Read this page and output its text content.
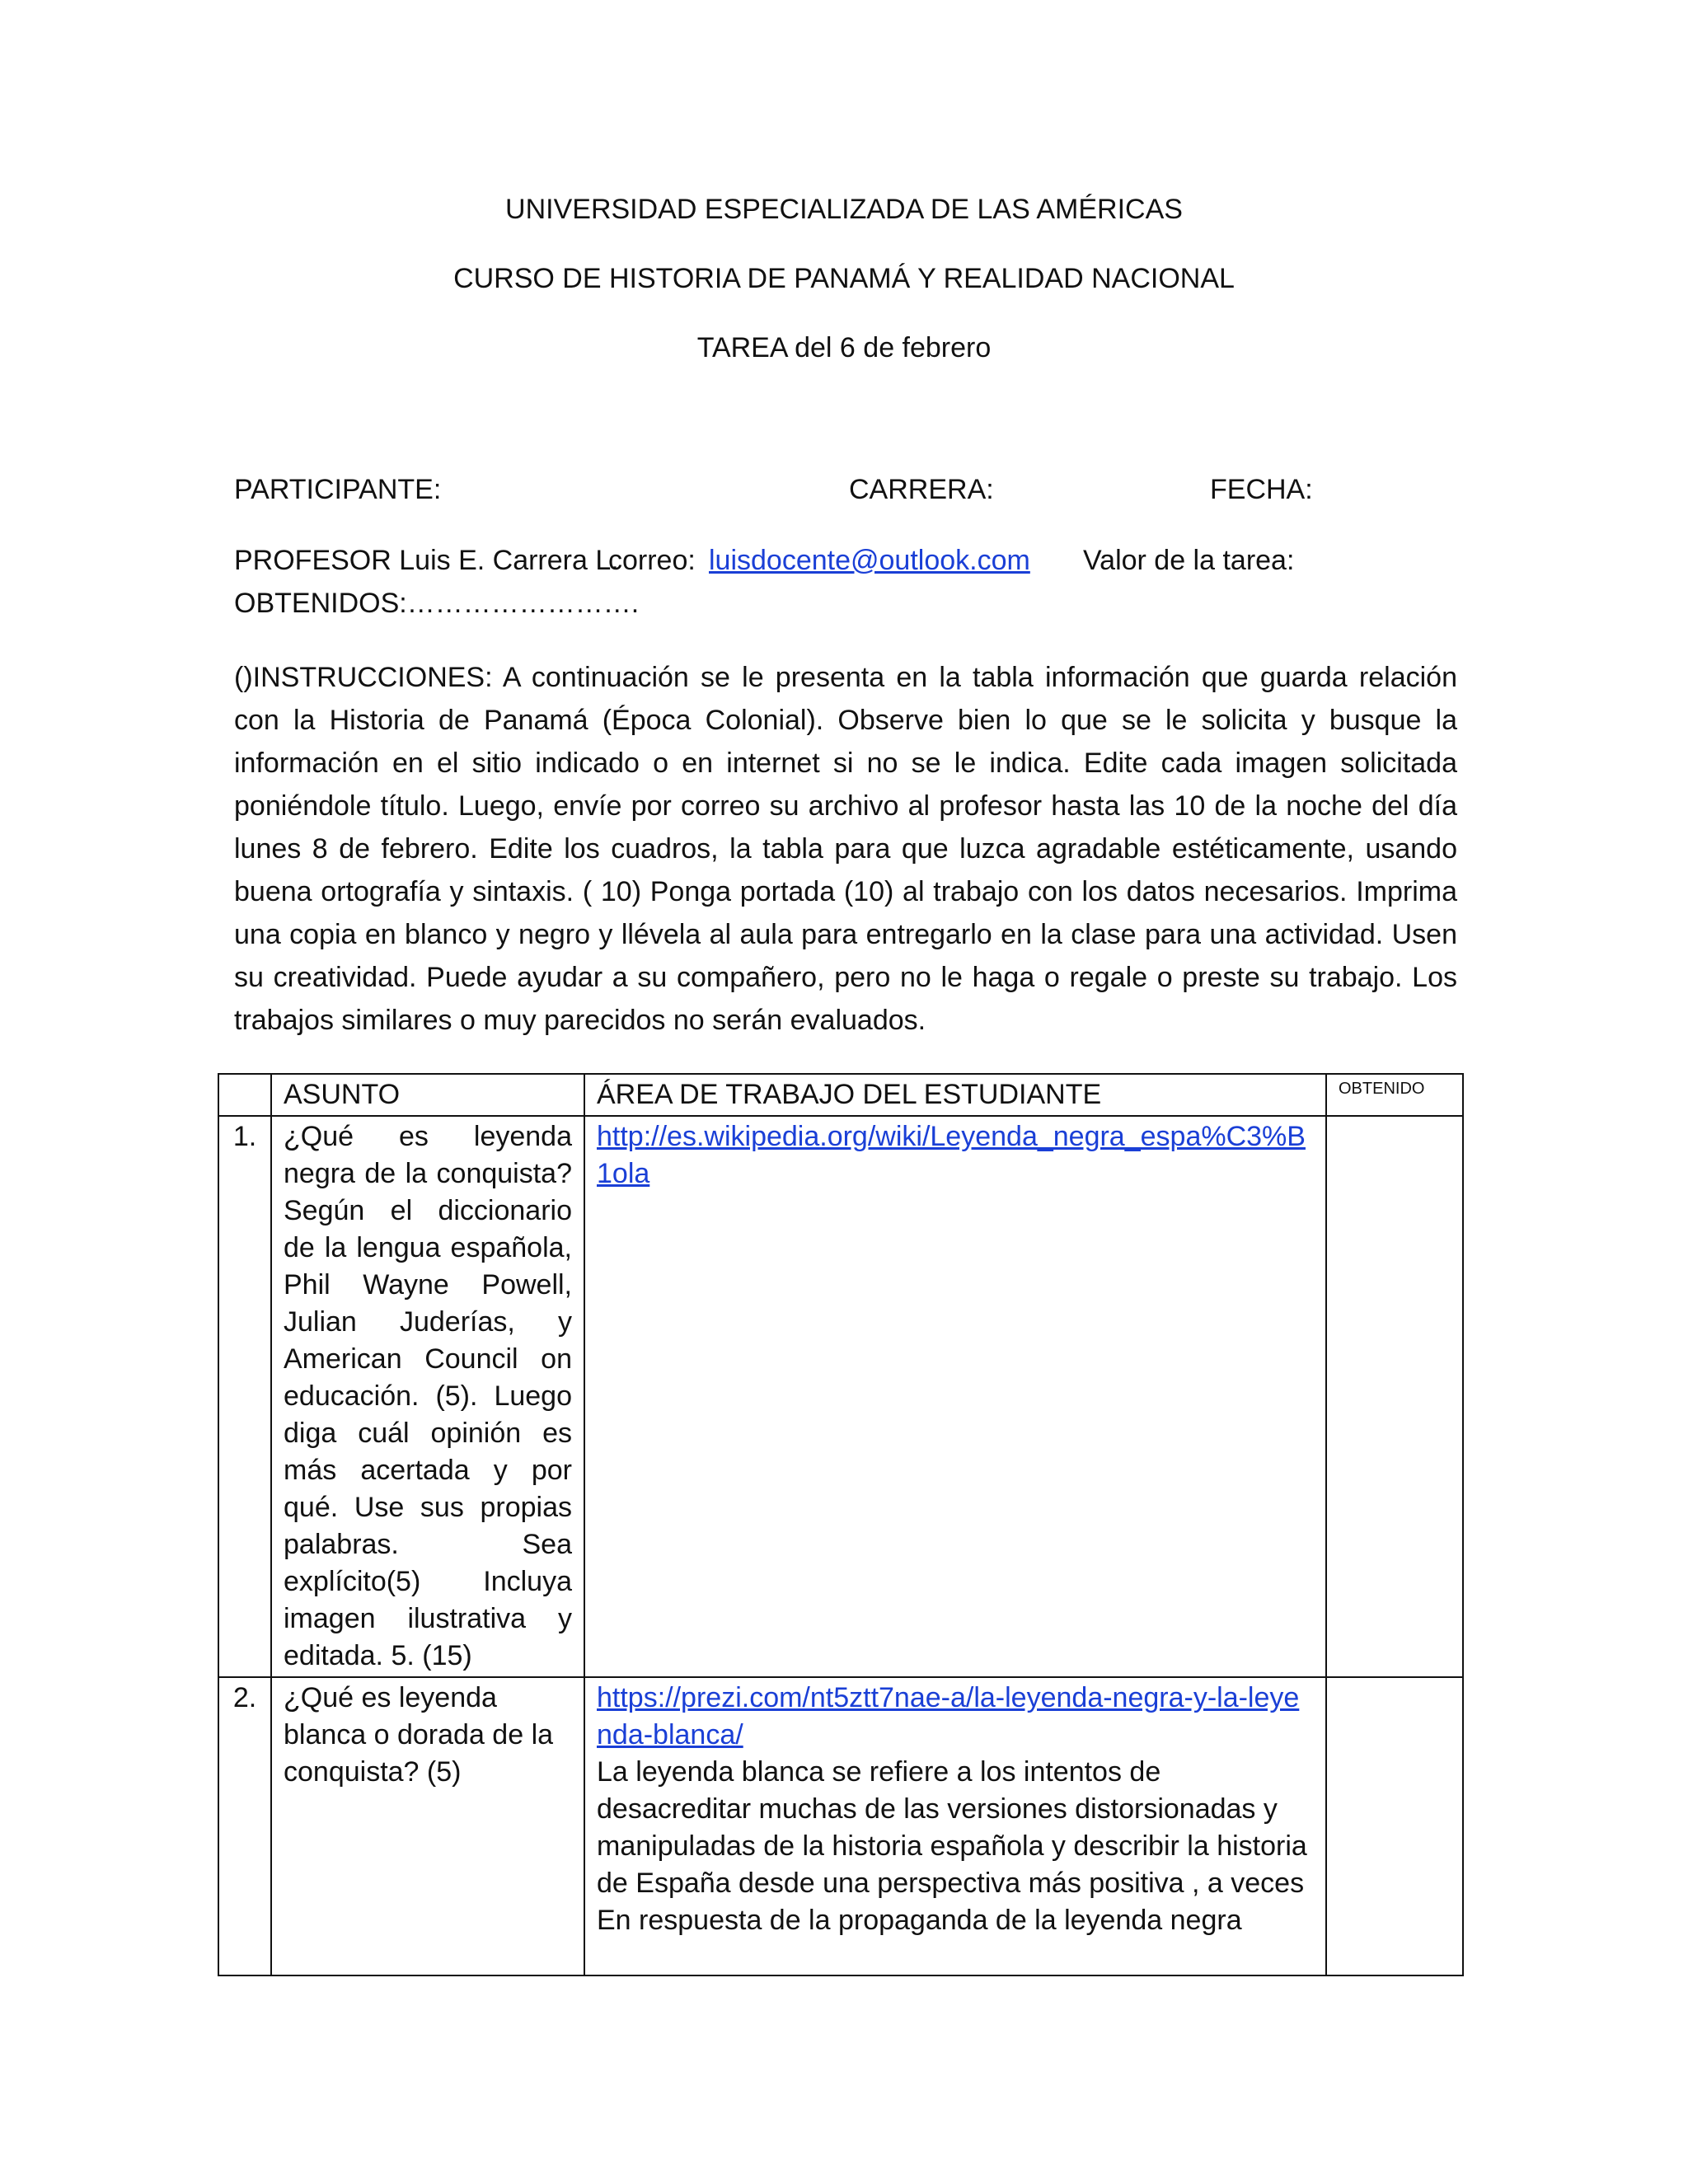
UNIVERSIDAD ESPECIALIZADA DE LAS AMÉRICAS
CURSO DE HISTORIA DE PANAMÁ Y REALIDAD NACIONAL
TAREA del 6 de febrero
PARTICIPANTE:	CARRERA:	FECHA:
PROFESOR Luis E. Carrera L.
correo: luisdocente@outlook.com Valor de la tarea:
OBTENIDOS:…………………….
()INSTRUCCIONES: A continuación se le presenta en la tabla información que guarda relación con la Historia de Panamá (Época Colonial). Observe bien lo que se le solicita y busque la información en el sitio indicado o en internet si no se le indica. Edite cada imagen solicitada poniéndole título. Luego, envíe por correo su archivo al profesor hasta las 10 de la noche del día lunes 8 de febrero. Edite los cuadros, la tabla para que luzca agradable estéticamente, usando buena ortografía y sintaxis. ( 10) Ponga portada (10) al trabajo con los datos necesarios. Imprima una copia en blanco y negro y llévela al aula para entregarlo en la clase para una actividad. Usen su creatividad. Puede ayudar a su compañero, pero no le haga o regale o preste su trabajo. Los trabajos similares o muy parecidos no serán evaluados.
	ASUNTO	ÁREA DE TRABAJO DEL ESTUDIANTE	OBTENIDO
1.	¿Qué es leyenda negra de la conquista? Según el diccionario de la lengua española, Phil Wayne Powell, Julian Juderías, y American Council on educación. (5). Luego diga cuál opinión es más acertada y por qué. Use sus propias palabras. Sea explícito(5) Incluya imagen ilustrativa y editada. 5. (15)	http://es.wikipedia.org/wiki/Leyenda_negra_espa%C3%B1ola

2.	¿Qué es leyenda blanca o dorada de la conquista? (5)	https://prezi.com/nt5ztt7nae-a/la-leyenda-negra-y-la-leyenda-blanca/
La leyenda blanca se refiere a los intentos de desacreditar muchas de las versiones distorsionadas y manipuladas de la historia española y describir la historia de España desde una perspectiva más positiva , a veces
En respuesta de la propaganda de la leyenda negra	
